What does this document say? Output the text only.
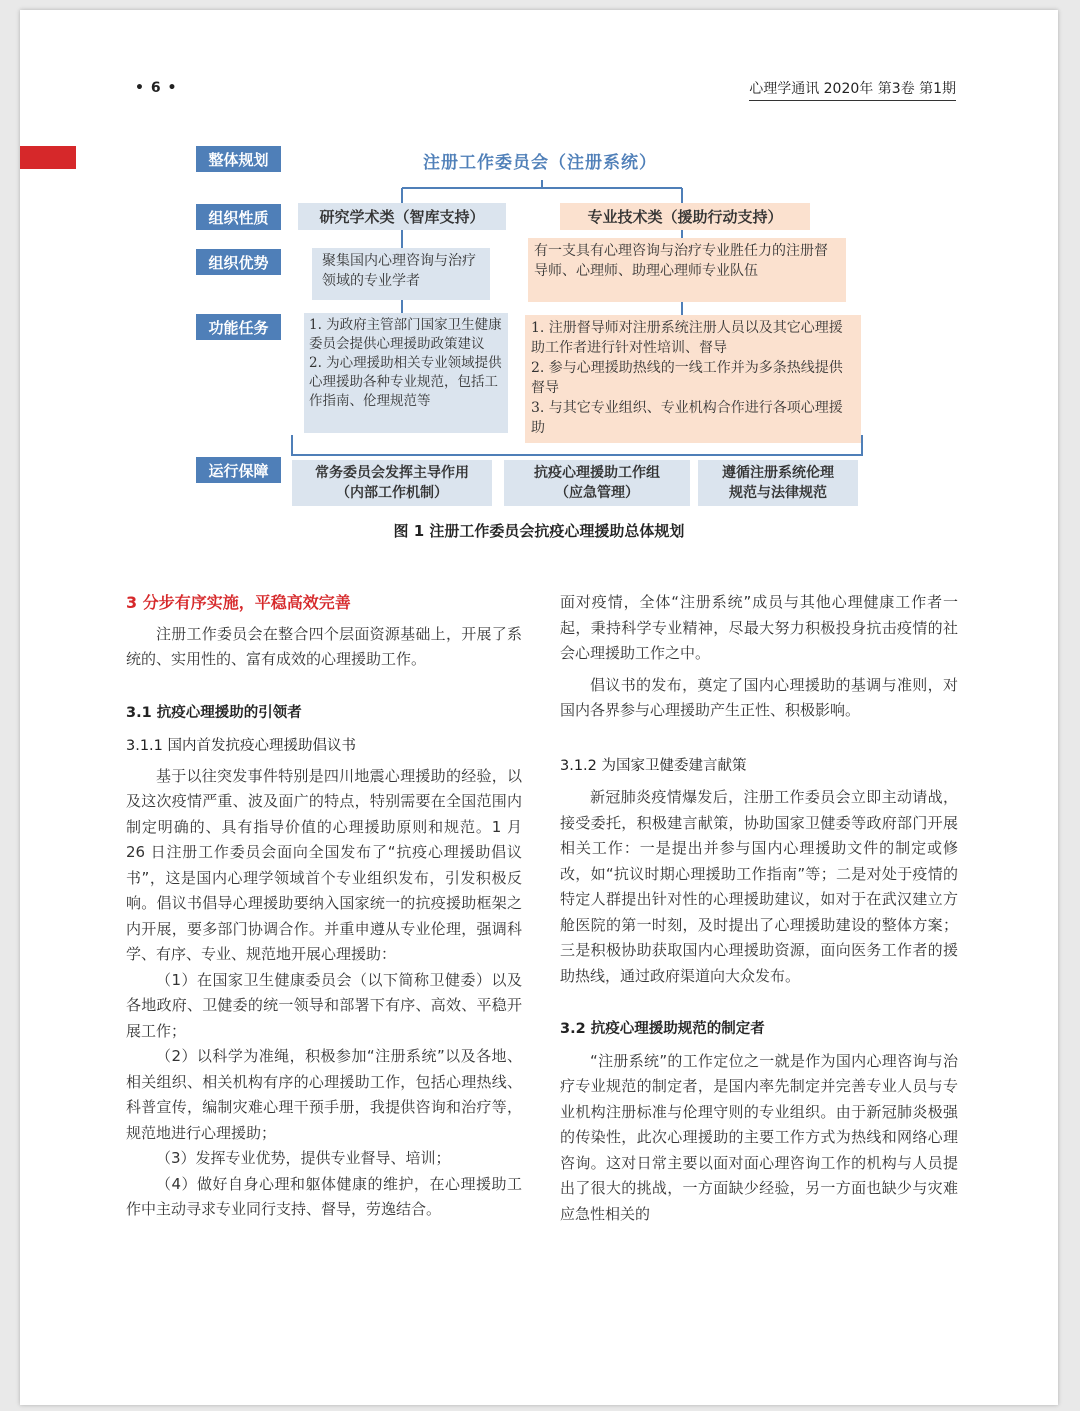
• 6 •	心理学通讯 2020年 第3卷 第1期
整体规划
组织性质
组织优势
功能任务
运行保障
注册工作委员会（注册系统）
研究学术类（智库支持）	专业技术类（援助行动支持）
聚集国内心理咨询与治疗领域的专业学者
有一支具有心理咨询与治疗专业胜任力的注册督导师、心理师、助理心理师专业队伍
1. 为政府主管部门国家卫生健康委员会提供心理援助政策建议
2. 为心理援助相关专业领域提供心理援助各种专业规范，包括工作指南、伦理规范等
1. 注册督导师对注册系统注册人员以及其它心理援助工作者进行针对性培训、督导
2. 参与心理援助热线的一线工作并为多条热线提供督导
3. 与其它专业组织、专业机构合作进行各项心理援助
常务委员会发挥主导作用
（内部工作机制）
抗疫心理援助工作组
（应急管理）
遵循注册系统伦理
规范与法律规范
图 1 注册工作委员会抗疫心理援助总体规划
3 分步有序实施，平稳高效完善

注册工作委员会在整合四个层面资源基础上，开展了系统的、实用性的、富有成效的心理援助工作。

3.1 抗疫心理援助的引领者
3.1.1 国内首发抗疫心理援助倡议书

基于以往突发事件特别是四川地震心理援助的经验，以及这次疫情严重、波及面广的特点，特别需要在全国范围内制定明确的、具有指导价值的心理援助原则和规范。1 月 26 日注册工作委员会面向全国发布了“抗疫心理援助倡议书”，这是国内心理学领域首个专业组织发布，引发积极反响。倡议书倡导心理援助要纳入国家统一的抗疫援助框架之内开展，要多部门协调合作。并重申遵从专业伦理，强调科学、有序、专业、规范地开展心理援助：

（1）在国家卫生健康委员会（以下简称卫健委）以及各地政府、卫健委的统一领导和部署下有序、高效、平稳开展工作；

（2）以科学为准绳，积极参加“注册系统”以及各地、相关组织、相关机构有序的心理援助工作，包括心理热线、科普宣传，编制灾难心理干预手册，我提供咨询和治疗等，规范地进行心理援助；

（3）发挥专业优势，提供专业督导、培训；

（4）做好自身心理和躯体健康的维护，在心理援助工作中主动寻求专业同行支持、督导，劳逸结合。

面对疫情，全体“注册系统”成员与其他心理健康工作者一起，秉持科学专业精神，尽最大努力积极投身抗击疫情的社会心理援助工作之中。

倡议书的发布，奠定了国内心理援助的基调与准则，对国内各界参与心理援助产生正性、积极影响。

3.1.2 为国家卫健委建言献策

新冠肺炎疫情爆发后，注册工作委员会立即主动请战，接受委托，积极建言献策，协助国家卫健委等政府部门开展相关工作：一是提出并参与国内心理援助文件的制定或修改，如“抗议时期心理援助工作指南”等；二是对处于疫情的特定人群提出针对性的心理援助建议，如对于在武汉建立方舱医院的第一时刻，及时提出了心理援助建设的整体方案；三是积极协助获取国内心理援助资源，面向医务工作者的援助热线，通过政府渠道向大众发布。

3.2 抗疫心理援助规范的制定者

“注册系统”的工作定位之一就是作为国内心理咨询与治疗专业规范的制定者，是国内率先制定并完善专业人员与专业机构注册标准与伦理守则的专业组织。由于新冠肺炎极强的传染性，此次心理援助的主要工作方式为热线和网络心理咨询。这对日常主要以面对面心理咨询工作的机构与人员提出了很大的挑战，一方面缺少经验，另一方面也缺少与灾难应急性相关的
